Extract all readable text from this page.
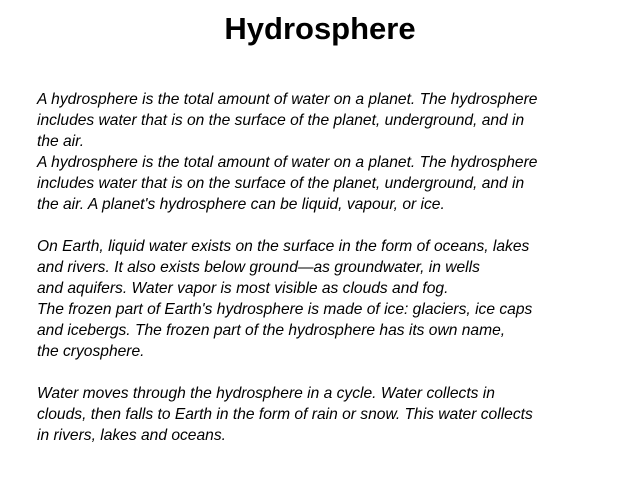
Hydrosphere
A hydrosphere is the total amount of water on a planet. The hydrosphere
includes water that is on the surface of the planet, underground, and in
the air.
A hydrosphere is the total amount of water on a planet. The hydrosphere
includes water that is on the surface of the planet, underground, and in
the air. A planet's hydrosphere can be liquid, vapour, or ice.
On Earth, liquid water exists on the surface in the form of oceans, lakes
and rivers. It also exists below ground—as groundwater, in wells
and aquifers. Water vapor is most visible as clouds and fog.
The frozen part of Earth's hydrosphere is made of ice: glaciers, ice caps
and icebergs. The frozen part of the hydrosphere has its own name,
the cryosphere.
Water moves through the hydrosphere in a cycle. Water collects in
clouds, then falls to Earth in the form of rain or snow. This water collects
in rivers, lakes and oceans.
